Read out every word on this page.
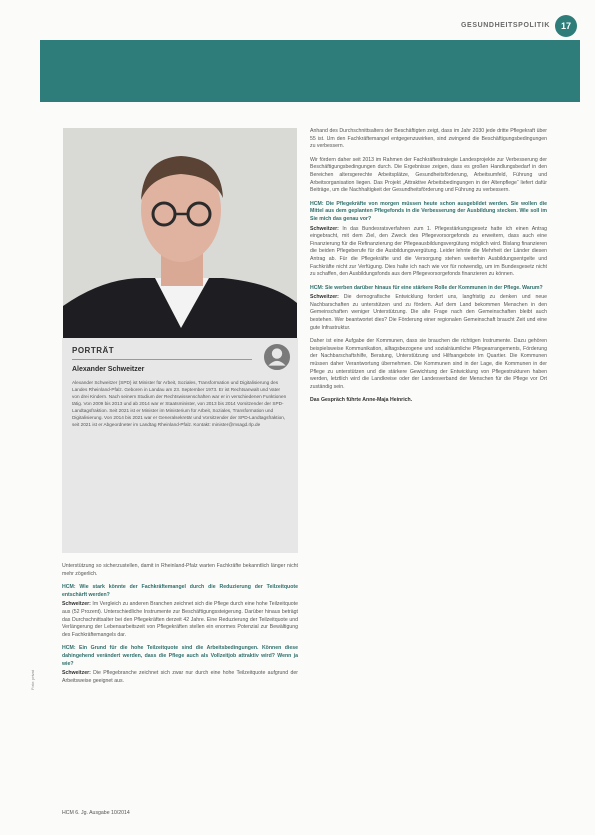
GESUNDHEITSPOLITIK	17
PORTRÄT
Alexander Schweitzer
Alexander Schweitzer (SPD) ist Minister für Arbeit, Soziales, Transformation und Digitalisierung des Landes Rheinland-Pfalz. Geboren in Landau am 23. September 1973. Er ist Rechtsanwalt und Vater von drei Kindern. Nach seinem Studium der Rechtswissenschaften war er in verschiedenen Funktionen tätig. Von 2009 bis 2013 und ab 2014 war er Staatsminister, von 2013 bis 2014 Vorsitzender der SPD-Landtagsfraktion. Seit 2021 ist er Minister im Ministerium für Arbeit, Soziales, Transformation und Digitalisierung. Von 2014 bis 2021 war er Generalsekretär und Vorsitzender der SPD-Landtagsfraktion, seit 2021 ist er Abgeordneter im Landtag Rheinland-Pfalz. Kontakt: minister@msagd.rlp.de

Unterstützung so sicherzustellen, damit in Rheinland-Pfalz warten Fachkräfte bekanntlich länger nicht mehr zögerlich.

HCM: Wie stark könnte der Fachkräftemangel durch die Reduzierung der Teilzeitquote entschärft werden?

Schweitzer: Im Vergleich zu anderen Branchen zeichnet sich die Pflege durch eine hohe Teilzeitquote aus (52 Prozent). Unterschiedliche Instrumente zur Beschäftigungssteigerung. Darüber hinaus beträgt das Durchschnittsalter bei den Pflegekräften derzeit 42 Jahre. Eine Reduzierung der Teilzeitquote und Verlängerung der Lebensarbeitszeit von Pflegekräften stellen ein enormes Potenzial zur Bewältigung des Fachkräftemangels dar.

HCM: Ein Grund für die hohe Teilzeitquote sind die Arbeitsbedingungen. Können diese dahingehend verändert werden, dass die Pflege auch als Vollzeitjob attraktiv wird? Wenn ja wie?

Schweitzer: Die Pflegebranche zeichnet sich zwar nur durch eine hohe Teilzeitquote aufgrund der Arbeitsweise geeignet aus.

Anhand des Durchschnittsalters der Beschäftigten zeigt, dass im Jahr 2030 jede dritte Pflegekraft über 55 ist. Um den Fachkräftemangel entgegenzuwirken, sind zwingend die Beschäftigungsbedingungen zu verbessern.

Wir fördern daher seit 2013 im Rahmen der Fachkräftestrategie Landesprojekte zur Verbesserung der Beschäftigungsbedingungen durch. Die Ergebnisse zeigen, dass es großen Handlungsbedarf in den Bereichen altersgerechte Arbeitsplätze, Gesundheitsförderung, Arbeitsumfeld, Führung und Arbeitsorganisation liegen. Das Projekt „Attraktive Arbeitsbedingungen in der Altenpflege“ liefert dafür Beiträge, um die Nachhaltigkeit der Gesundheitsförderung und Führung zu verbessern.

HCM: Die Pflegekräfte von morgen müssen heute schon ausgebildet werden. Sie wollen die Mittel aus dem geplanten Pflegefonds in die Verbesserung der Ausbildung stecken. Wie soll im Sie mich das genau vor?

Schweitzer: In das Bundesratsverfahren zum 1. Pflegestärkungsgesetz hatte ich einen Antrag eingebracht, mit dem Ziel, den Zweck des Pflegevorsorgefonds zu erweitern, dass auch eine Finanzierung für die Refinanzierung der Pflegeausbildungsvergütung möglich wird. Bislang finanzieren die beiden Pflegeberufe für die Ausbildungsvergütung. Leider lehnte die Mehrheit der Länder diesen Antrag ab. Für die Pflegekräfte und die Versorgung stehen weiterhin Ausbildungsentgelte und Fachkräfte nicht zur Verfügung. Dies halte ich nach wie vor für notwendig, um im Bundesgesetz nicht zu schaffen, den Ausbildungsfonds aus dem Pflegevorsorgefonds finanzieren zu können.

HCM: Sie werben darüber hinaus für eine stärkere Rolle der Kommunen in der Pflege. Warum?

Schweitzer: Die demografische Entwicklung fordert uns, langfristig zu denken und neue Nachbarschaften zu unterstützen und zu fördern. Auf dem Land bekommen Menschen in den Gemeinschaften weniger Unterstützung. Die alte Frage nach den Gemeinschaften bleibt auch bestehen. Wer beantwortet dies? Die Förderung einer regionalen Gemeinschaft braucht Zeit und eine gute Infrastruktur.

Daher ist eine Aufgabe der Kommunen, dass sie brauchen die richtigen Instrumente. Dazu gehören beispielsweise Kommunikation, alltagsbezogene und sozialräumliche Pflegearrangements, Förderung der Nachbarschaftshilfe, Beratung, Unterstützung und Hilfsangebote im Quartier. Die Kommunen müssen daher Verantwortung übernehmen. Die Kommunen sind in der Lage, die Kommunen in der Pflege zu unterstützen und die stärkere Gewichtung der Entwicklung von Pflegestrukturen haben werden, letztlich wird die Landkreise oder der Landesverband der Menschen für die Pflege vor Ort zuständig sein.

Das Gespräch führte Anne-Maja Heinrich.

Foto: privat
HCM 6. Jg. Ausgabe 10/2014
